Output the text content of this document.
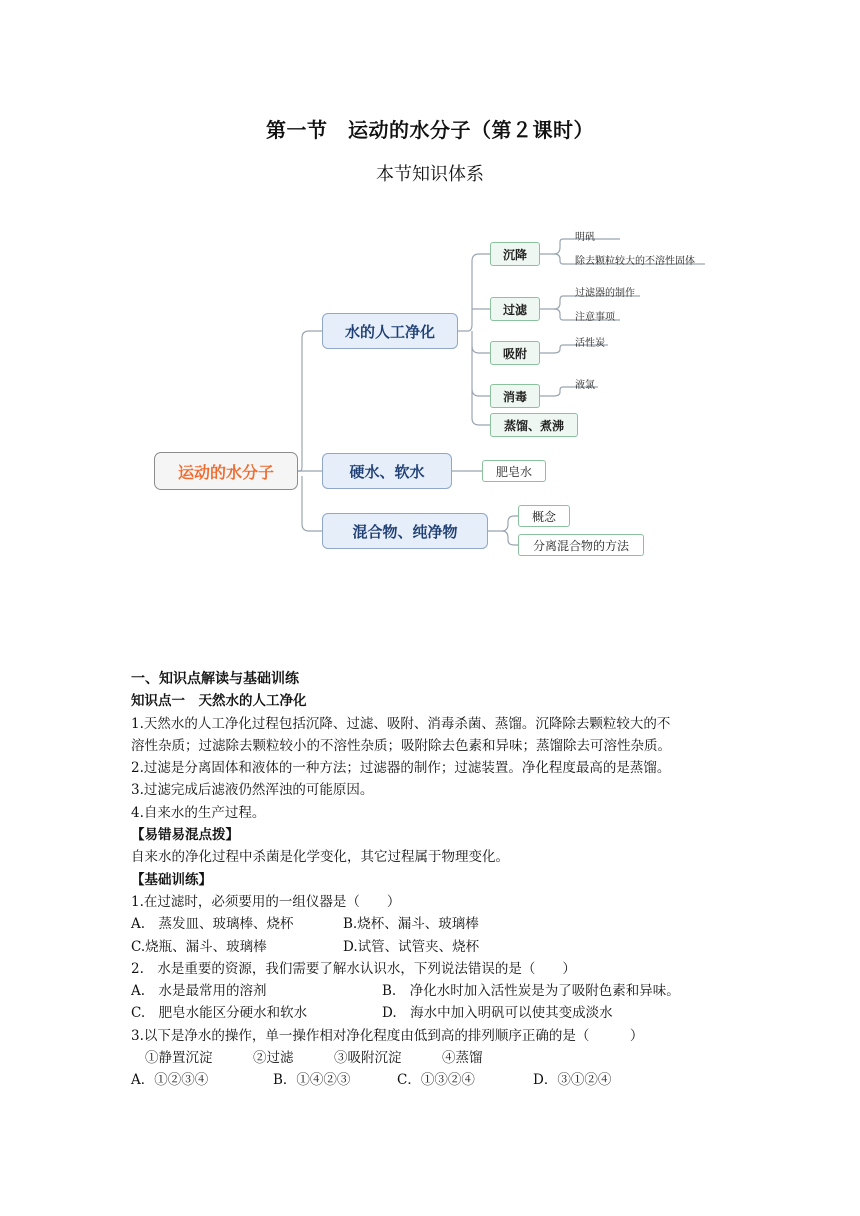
第一节　运动的水分子（第２课时）
本节知识体系
运动的水分子
水的人工净化
硬水、软水
混合物、纯净物
沉降
过滤
吸附
消毒
蒸馏、煮沸
明矾
除去颗粒较大的不溶性固体
过滤器的制作
注意事项
活性炭
液氯
肥皂水
概念
分离混合物的方法

一、知识点解读与基础训练

知识点一　天然水的人工净化

1.天然水的人工净化过程包括沉降、过滤、吸附、消毒杀菌、蒸馏。沉降除去颗粒较大的不

溶性杂质；过滤除去颗粒较小的不溶性杂质；吸附除去色素和异味；蒸馏除去可溶性杂质。

2.过滤是分离固体和液体的一种方法；过滤器的制作；过滤装置。净化程度最高的是蒸馏。

3.过滤完成后滤液仍然浑浊的可能原因。

4.自来水的生产过程。

【易错易混点拨】

自来水的净化过程中杀菌是化学变化，其它过程属于物理变化。

【基础训练】

1.在过滤时，必须要用的一组仪器是（　　）

A.　蒸发皿、玻璃棒、烧杯	B.烧杯、漏斗、玻璃棒
C.烧瓶、漏斗、玻璃棒	D.试管、试管夹、烧杯

2.　水是重要的资源，我们需要了解水认识水，下列说法错误的是（　　）

A.　水是最常用的溶剂	B.　净化水时加入活性炭是为了吸附色素和异味。
C.　肥皂水能区分硬水和软水	D.　海水中加入明矾可以使其变成淡水

3.以下是净水的操作，单一操作相对净化程度由低到高的排列顺序正确的是（　　　）

①静置沉淀　　　②过滤　　　③吸附沉淀　　　④蒸馏

A．①②③④	B．①④②③	C．①③②④	D．③①②④
